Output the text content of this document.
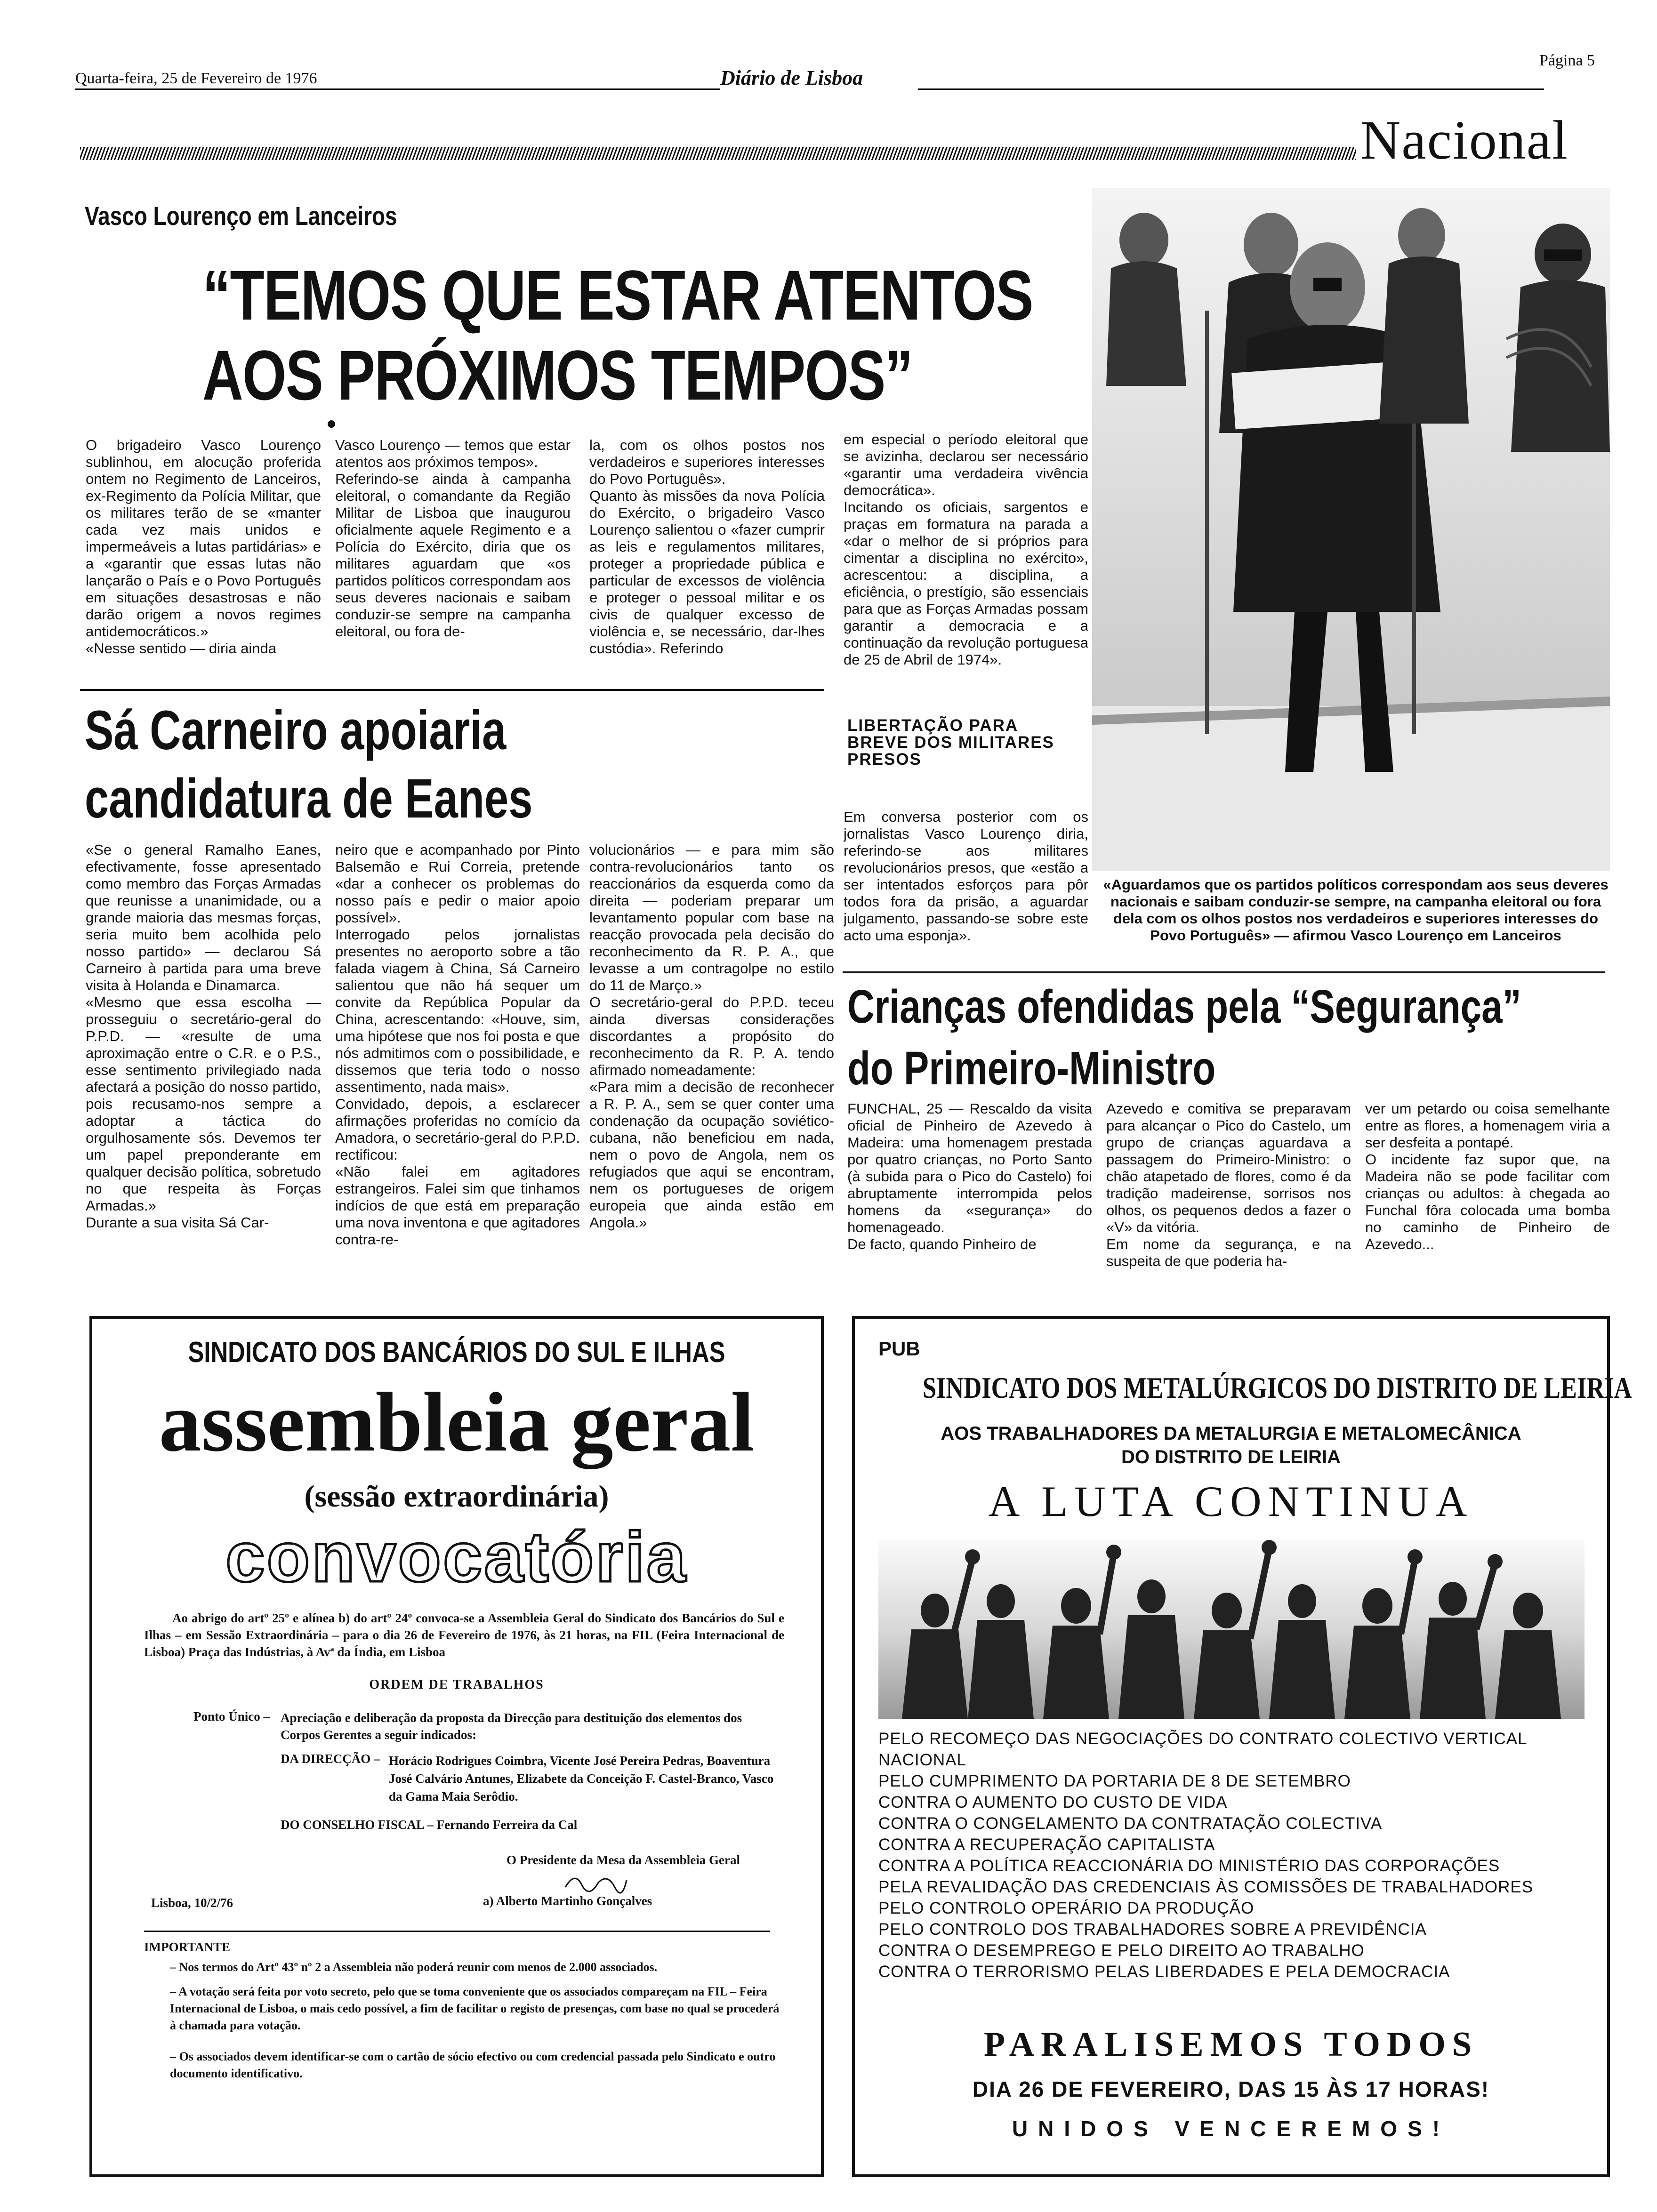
Quarta-feira, 25 de Fevereiro de 1976	Diário de Lisboa
Página 5
Nacional
Vasco Lourenço em Lanceiros
“TEMOS QUE ESTAR ATENTOS
AOS PRÓXIMOS TEMPOS”
O brigadeiro Vasco Lourenço sublinhou, em alocução proferida ontem no Regimento de Lanceiros, ex-Regimento da Polícia Militar, que os militares terão de se «manter cada vez mais unidos e impermeáveis a lutas partidárias» e a «garantir que essas lutas não lançarão o País e o Povo Português em situações desastrosas e não darão origem a novos regimes antidemocráticos.»
«Nesse sentido — diria ainda
Vasco Lourenço — temos que estar atentos aos próximos tempos».
Referindo-se ainda à campanha eleitoral, o comandante da Região Militar de Lisboa que inaugurou oficialmente aquele Regimento e a Polícia do Exército, diria que os militares aguardam que «os partidos políticos correspondam aos seus deveres nacionais e saibam conduzir-se sempre na campanha eleitoral, ou fora de-
la, com os olhos postos nos verdadeiros e superiores interesses do Povo Português».
Quanto às missões da nova Polícia do Exército, o brigadeiro Vasco Lourenço salientou o «fazer cumprir as leis e regulamentos militares, proteger a propriedade pública e particular de excessos de violência e proteger o pessoal militar e os civis de qualquer excesso de violência e, se necessário, dar-lhes custódia». Referindo
em especial o período eleitoral que se avizinha, declarou ser necessário «garantir uma verdadeira vivência democrática».
Incitando os oficiais, sargentos e praças em formatura na parada a «dar o melhor de si próprios para cimentar a disciplina no exército», acrescentou: a disciplina, a eficiência, o prestígio, são essenciais para que as Forças Armadas possam garantir a democracia e a continuação da revolução portuguesa de 25 de Abril de 1974».
LIBERTAÇÃO PARA BREVE DOS MILITARES PRESOS
Em conversa posterior com os jornalistas Vasco Lourenço diria, referindo-se aos militares revolucionários presos, que «estão a ser intentados esforços para pôr todos fora da prisão, a aguardar julgamento, passando-se sobre este acto uma esponja».
«Aguardamos que os partidos políticos correspondam aos seus deveres nacionais e saibam conduzir-se sempre, na campanha eleitoral ou fora dela com os olhos postos nos verdadeiros e superiores interesses do Povo Português» — afirmou Vasco Lourenço em Lanceiros
Sá Carneiro apoiaria
candidatura de Eanes
«Se o general Ramalho Eanes, efectivamente, fosse apresentado como membro das Forças Armadas que reunisse a unanimidade, ou a grande maioria das mesmas forças, seria muito bem acolhida pelo nosso partido» — declarou Sá Carneiro à partida para uma breve visita à Holanda e Dinamarca.
«Mesmo que essa escolha — prosseguiu o secretário-geral do P.P.D. — «resulte de uma aproximação entre o C.R. e o P.S., esse sentimento privilegiado nada afectará a posição do nosso partido, pois recusamo-nos sempre a adoptar a táctica do orgulhosamente sós. Devemos ter um papel preponderante em qualquer decisão política, sobretudo no que respeita às Forças Armadas.»
Durante a sua visita Sá Car-
neiro que e acompanhado por Pinto Balsemão e Rui Correia, pretende «dar a conhecer os problemas do nosso país e pedir o maior apoio possível».
Interrogado pelos jornalistas presentes no aeroporto sobre a tão falada viagem à China, Sá Carneiro salientou que não há sequer um convite da República Popular da China, acrescentando: «Houve, sim, uma hipótese que nos foi posta e que nós admitimos com o possibilidade, e dissemos que teria todo o nosso assentimento, nada mais».
Convidado, depois, a esclarecer afirmações proferidas no comício da Amadora, o secretário-geral do P.P.D. rectificou:
«Não falei em agitadores estrangeiros. Falei sim que tinhamos indícios de que está em preparação uma nova inventona e que agitadores contra-re-
volucionários — e para mim são contra-revolucionários tanto os reaccionários da esquerda como da direita — poderiam preparar um levantamento popular com base na reacção provocada pela decisão do reconhecimento da R. P. A., que levasse a um contragolpe no estilo do 11 de Março.»
O secretário-geral do P.P.D. teceu ainda diversas considerações discordantes a propósito do reconhecimento da R. P. A. tendo afirmado nomeadamente:
«Para mim a decisão de reconhecer a R. P. A., sem se quer conter uma condenação da ocupação soviético-cubana, não beneficiou em nada, nem o povo de Angola, nem os refugiados que aqui se encontram, nem os portugueses de origem europeia que ainda estão em Angola.»
Crianças ofendidas pela “Segurança”
do Primeiro-Ministro
FUNCHAL, 25 — Rescaldo da visita oficial de Pinheiro de Azevedo à Madeira: uma homenagem prestada por quatro crianças, no Porto Santo (à subida para o Pico do Castelo) foi abruptamente interrompida pelos homens da «segurança» do homenageado.
De facto, quando Pinheiro de
Azevedo e comitiva se preparavam para alcançar o Pico do Castelo, um grupo de crianças aguardava a passagem do Primeiro-Ministro: o chão atapetado de flores, como é da tradição madeirense, sorrisos nos olhos, os pequenos dedos a fazer o «V» da vitória.
Em nome da segurança, e na suspeita de que poderia ha-
ver um petardo ou coisa semelhante entre as flores, a homenagem viria a ser desfeita a pontapé.
O incidente faz supor que, na Madeira não se pode facilitar com crianças ou adultos: à chegada ao Funchal fôra colocada uma bomba no caminho de Pinheiro de Azevedo...
SINDICATO DOS BANCÁRIOS DO SUL E ILHAS
assembleia geral
(sessão extraordinária)
convocatória
Ao abrigo do artº 25º e alínea b) do artº 24º convoca-se a Assembleia Geral do Sindicato dos Bancários do Sul e Ilhas – em Sessão Extraordinária – para o dia 26 de Fevereiro de 1976, às 21 horas, na FIL (Feira Internacional de Lisboa) Praça das Indústrias, à Avª da Índia, em Lisboa
ORDEM DE TRABALHOS
Ponto Único – Apreciação e deliberação da proposta da Direcção para destituição dos elementos dos Corpos Gerentes a seguir indicados:
DA DIRECÇÃO – Horácio Rodrigues Coimbra, Vicente José Pereira Pedras, Boaventura José Calvário Antunes, Elizabete da Conceição F. Castel-Branco, Vasco da Gama Maia Serôdio.
DO CONSELHO FISCAL – Fernando Ferreira da Cal
O Presidente da Mesa da Assembleia Geral
a) Alberto Martinho Gonçalves
Lisboa, 10/2/76
IMPORTANTE
– Nos termos do Artº 43º nº 2 a Assembleia não poderá reunir com menos de 2.000 associados.
– A votação será feita por voto secreto, pelo que se toma conveniente que os associados compareçam na FIL – Feira Internacional de Lisboa, o mais cedo possível, a fim de facilitar o registo de presenças, com base no qual se procederá à chamada para votação.
– Os associados devem identificar-se com o cartão de sócio efectivo ou com credencial passada pelo Sindicato e outro documento identificativo.
PUB
SINDICATO DOS METALÚRGICOS DO DISTRITO DE LEIRIA
AOS TRABALHADORES DA METALURGIA E METALOMECÂNICA
DO DISTRITO DE LEIRIA
A LUTA CONTINUA
PELO RECOMEÇO DAS NEGOCIAÇÕES DO CONTRATO COLECTIVO VERTICAL NACIONAL
PELO CUMPRIMENTO DA PORTARIA DE 8 DE SETEMBRO
CONTRA O AUMENTO DO CUSTO DE VIDA
CONTRA O CONGELAMENTO DA CONTRATAÇÃO COLECTIVA
CONTRA A RECUPERAÇÃO CAPITALISTA
CONTRA A POLÍTICA REACCIONÁRIA DO MINISTÉRIO DAS CORPORAÇÕES
PELA REVALIDAÇÃO DAS CREDENCIAIS ÀS COMISSÕES DE TRABALHADORES
PELO CONTROLO OPERÁRIO DA PRODUÇÃO
PELO CONTROLO DOS TRABALHADORES SOBRE A PREVIDÊNCIA
CONTRA O DESEMPREGO E PELO DIREITO AO TRABALHO
CONTRA O TERRORISMO PELAS LIBERDADES E PELA DEMOCRACIA
PARALISEMOS TODOS
DIA 26 DE FEVEREIRO, DAS 15 ÀS 17 HORAS!
UNIDOS VENCEREMOS!
